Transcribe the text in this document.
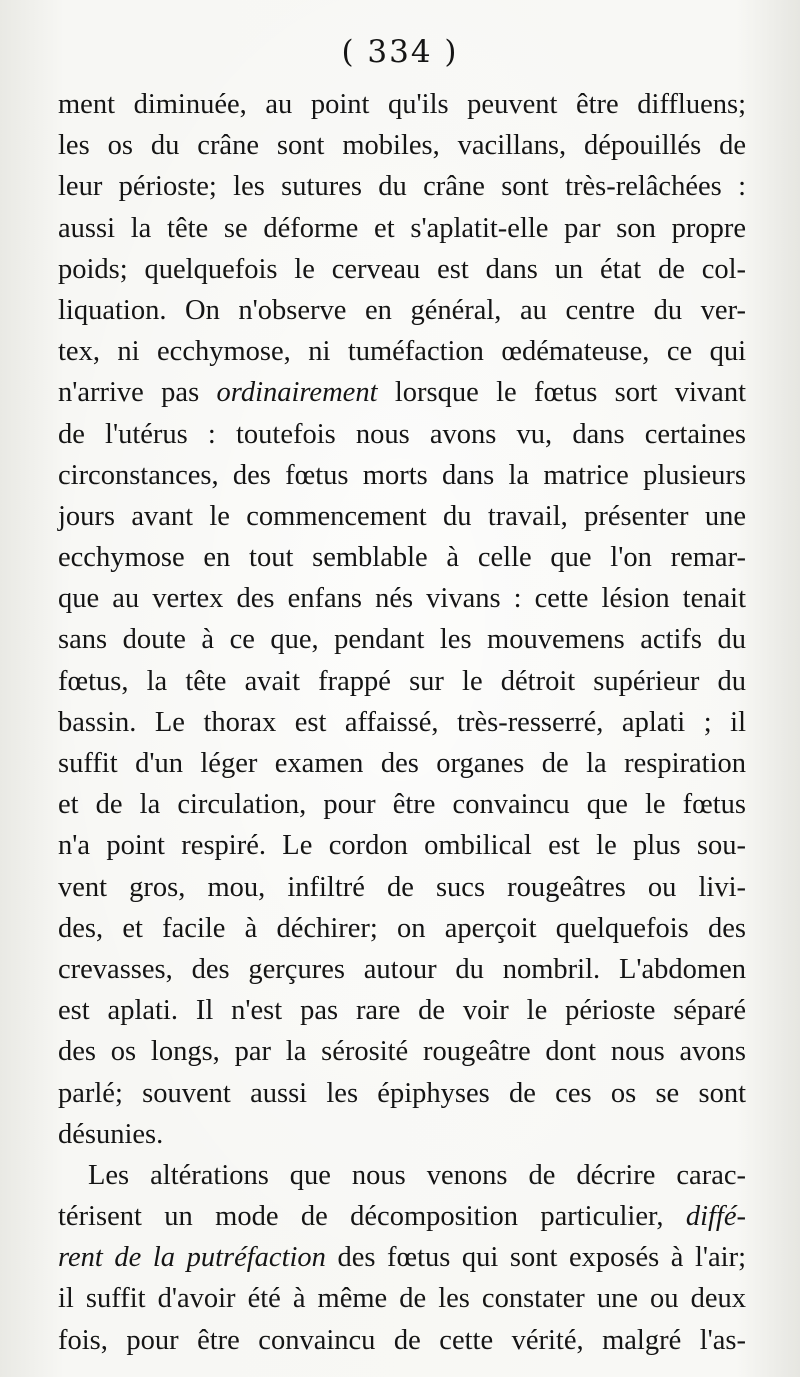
( 334 )

ment diminuée, au point qu'ils peuvent être diffluens;
les os du crâne sont mobiles, vacillans, dépouillés de
leur périoste; les sutures du crâne sont très-relâchées :
aussi la tête se déforme et s'aplatit-elle par son propre
poids; quelquefois le cerveau est dans un état de col-
liquation. On n'observe en général, au centre du ver-
tex, ni ecchymose, ni tuméfaction œdémateuse, ce qui
n'arrive pas ordinairement lorsque le fœtus sort vivant
de l'utérus : toutefois nous avons vu, dans certaines
circonstances, des fœtus morts dans la matrice plusieurs
jours avant le commencement du travail, présenter une
ecchymose en tout semblable à celle que l'on remar-
que au vertex des enfans nés vivans : cette lésion tenait
sans doute à ce que, pendant les mouvemens actifs du
fœtus, la tête avait frappé sur le détroit supérieur du
bassin. Le thorax est affaissé, très-resserré, aplati ; il
suffit d'un léger examen des organes de la respiration
et de la circulation, pour être convaincu que le fœtus
n'a point respiré. Le cordon ombilical est le plus sou-
vent gros, mou, infiltré de sucs rougeâtres ou livi-
des, et facile à déchirer; on aperçoit quelquefois des
crevasses, des gerçures autour du nombril. L'abdomen
est aplati. Il n'est pas rare de voir le périoste séparé
des os longs, par la sérosité rougeâtre dont nous avons
parlé; souvent aussi les épiphyses de ces os se sont
désunies.
Les altérations que nous venons de décrire carac-
térisent un mode de décomposition particulier, diffé-
rent de la putréfaction des fœtus qui sont exposés à l'air;
il suffit d'avoir été à même de les constater une ou deux
fois, pour être convaincu de cette vérité, malgré l'as-
